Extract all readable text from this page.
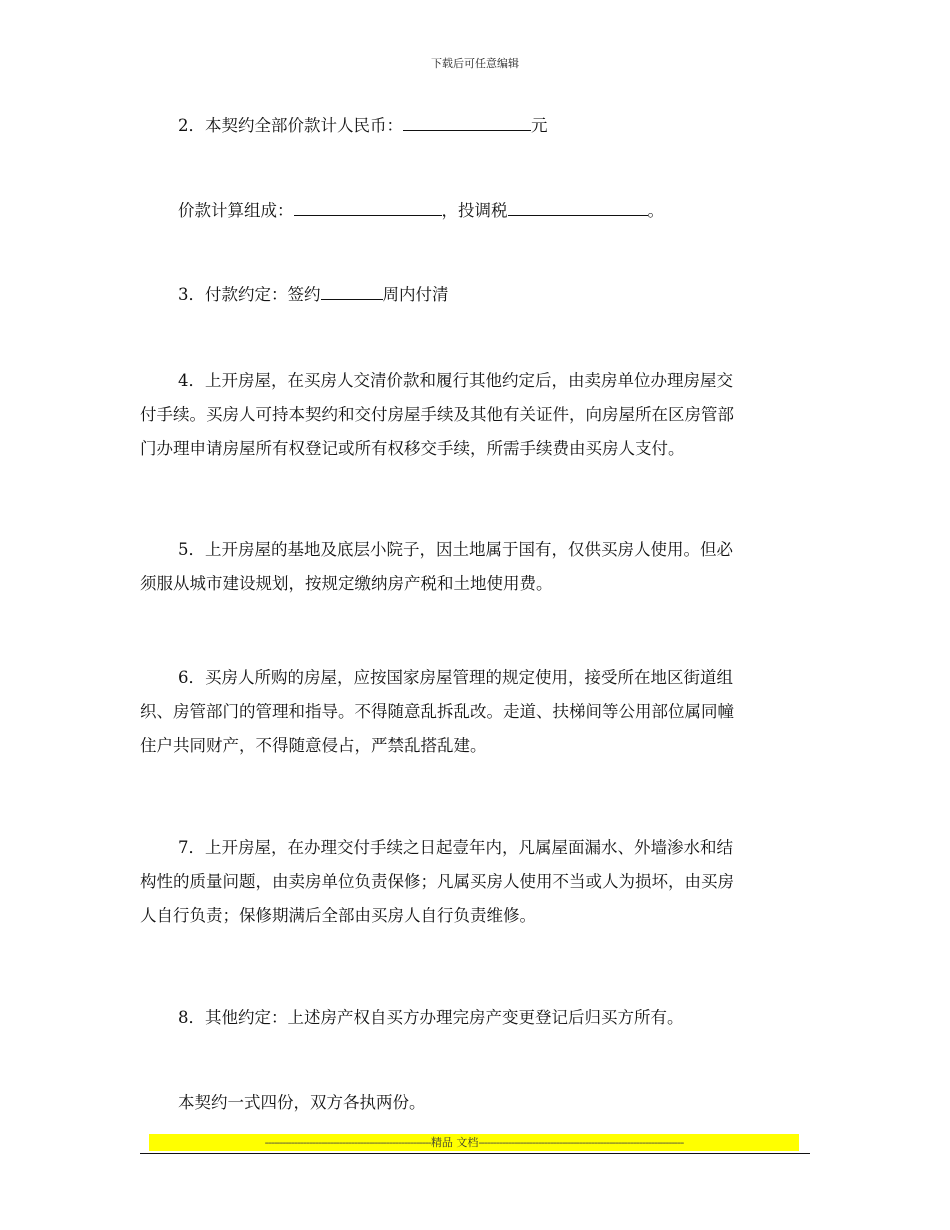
下载后可任意编辑

2．本契约全部价款计人民币：	元

价款计算组成：	，投调税	。

3．付款约定：签约	周内付清

4．上开房屋，在买房人交清价款和履行其他约定后，由卖房单位办理房屋交
付手续。买房人可持本契约和交付房屋手续及其他有关证件，向房屋所在区房管部
门办理申请房屋所有权登记或所有权移交手续，所需手续费由买房人支付。

5．上开房屋的基地及底层小院子，因土地属于国有，仅供买房人使用。但必
须服从城市建设规划，按规定缴纳房产税和土地使用费。

6．买房人所购的房屋，应按国家房屋管理的规定使用，接受所在地区街道组
织、房管部门的管理和指导。不得随意乱拆乱改。走道、扶梯间等公用部位属同幢
住户共同财产，不得随意侵占，严禁乱搭乱建。

7．上开房屋，在办理交付手续之日起壹年内，凡属屋面漏水、外墙渗水和结
构性的质量问题，由卖房单位负责保修；凡属买房人使用不当或人为损坏，由买房
人自行负责；保修期满后全部由买房人自行负责维修。

8．其他约定：上述房产权自买方办理完房产变更登记后归买方所有。

本契约一式四份，双方各执两份。

--------------------------------------------------------精品 文档---------------------------------------------------------------------
